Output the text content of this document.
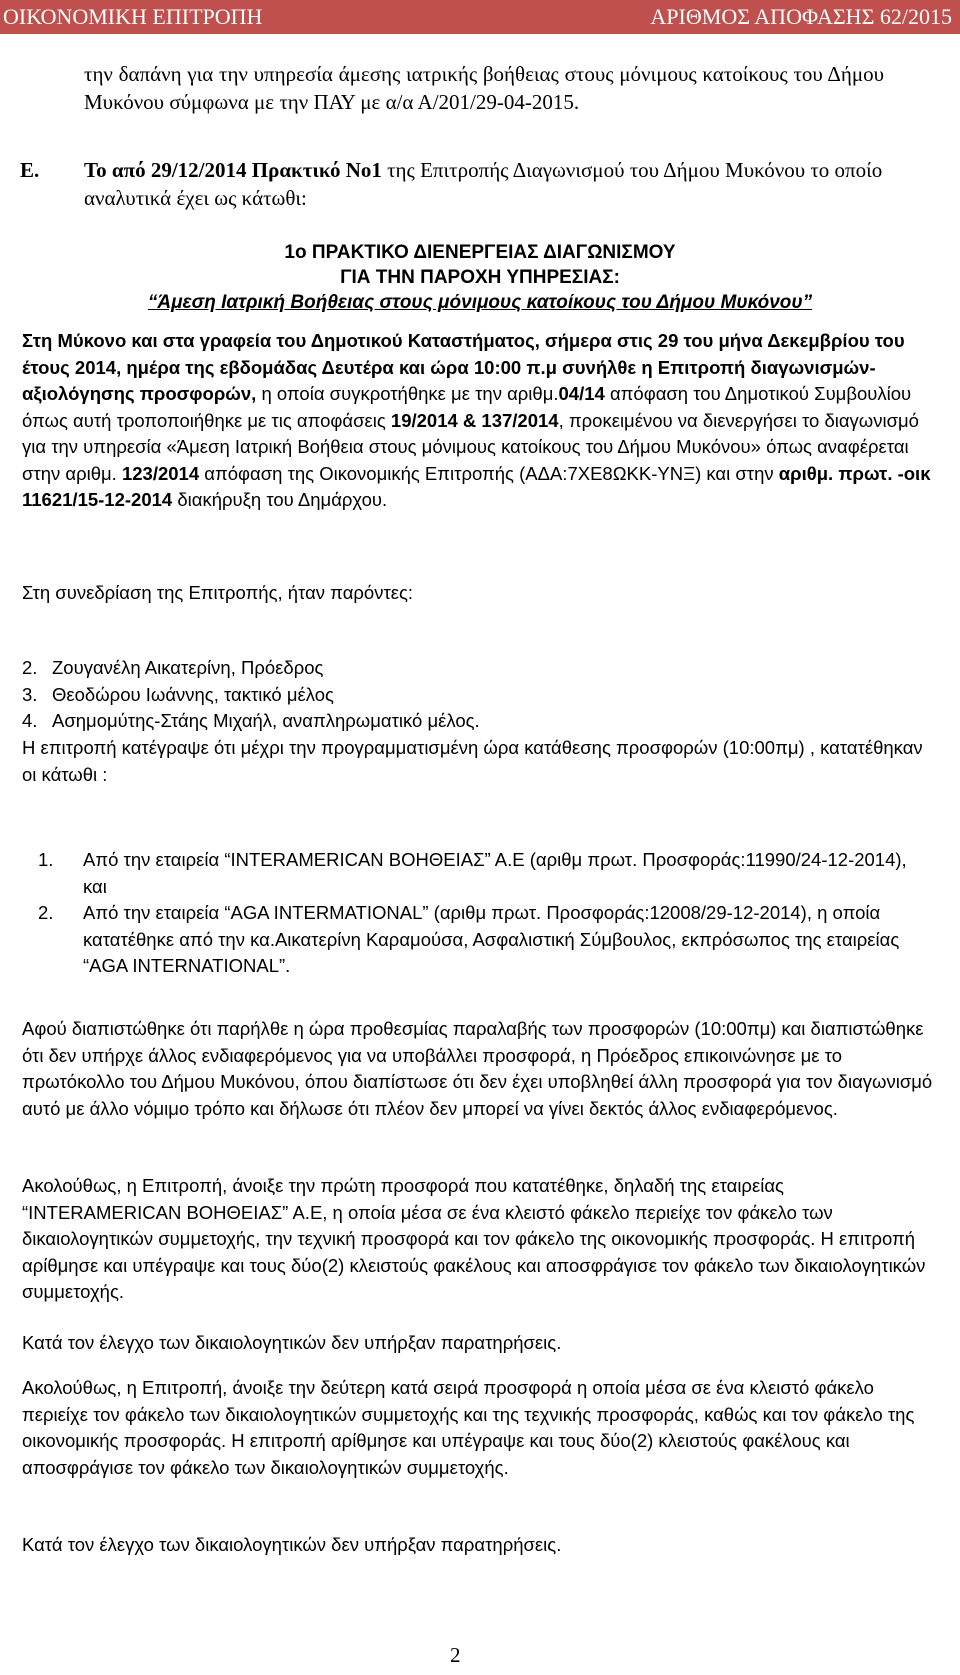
ΟΙΚΟΝΟΜΙΚΗ ΕΠΙΤΡΟΠΗ	ΑΡΙΘΜΟΣ ΑΠΟΦΑΣΗΣ 62/2015
την δαπάνη για την υπηρεσία άμεσης ιατρικής βοήθειας στους μόνιμους κατοίκους του Δήμου Μυκόνου σύμφωνα με την ΠΑΥ με α/α Α/201/29-04-2015.
Ε. Το από 29/12/2014 Πρακτικό Νο1 της Επιτροπής Διαγωνισμού του Δήμου Μυκόνου το οποίο αναλυτικά έχει ως κάτωθι:
1ο ΠΡΑΚΤΙΚΟ ΔΙΕΝΕΡΓΕΙΑΣ ΔΙΑΓΩΝΙΣΜΟΥ
ΓΙΑ ΤΗΝ ΠΑΡΟΧΗ ΥΠΗΡΕΣΙΑΣ:
“Άμεση Ιατρική Βοήθειας στους μόνιμους κατοίκους του Δήμου Μυκόνου”
Στη Μύκονο και στα γραφεία του Δημοτικού Καταστήματος, σήμερα στις 29 του μήνα Δεκεμβρίου του έτους 2014, ημέρα της εβδομάδας Δευτέρα και ώρα 10:00 π.μ συνήλθε η Επιτροπή διαγωνισμών-αξιολόγησης προσφορών, η οποία συγκροτήθηκε με την αριθμ.04/14 απόφαση του Δημοτικού Συμβουλίου όπως αυτή τροποποιήθηκε με τις αποφάσεις 19/2014 & 137/2014, προκειμένου να διενεργήσει το διαγωνισμό για την υπηρεσία «Άμεση Ιατρική Βοήθεια στους μόνιμους κατοίκους του Δήμου Μυκόνου» όπως αναφέρεται στην αριθμ. 123/2014 απόφαση της Οικονομικής Επιτροπής (ΑΔΑ:7ΧΕ8ΩΚΚ-ΥΝΞ) και στην αριθμ. πρωτ. -οικ 11621/15-12-2014 διακήρυξη του Δημάρχου.
Στη συνεδρίαση της Επιτροπής, ήταν παρόντες:
2. Ζουγανέλη Αικατερίνη, Πρόεδρος
3. Θεοδώρου Ιωάννης, τακτικό μέλος
4. Ασημομύτης-Στάης Μιχαήλ, αναπληρωματικό μέλος.
Η επιτροπή κατέγραψε ότι μέχρι την προγραμματισμένη ώρα κατάθεσης προσφορών (10:00πμ) , κατατέθηκαν οι κάτωθι :
1. Από την εταιρεία “INTERAMERICAN ΒΟΗΘΕΙΑΣ” Α.Ε (αριθμ πρωτ. Προσφοράς:11990/24-12-2014), και
2. Από την εταιρεία “AGA INTERMATIONAL” (αριθμ πρωτ. Προσφοράς:12008/29-12-2014), η οποία κατατέθηκε από την κα.Αικατερίνη Καραμούσα, Ασφαλιστική Σύμβουλος, εκπρόσωπος της εταιρείας “AGA INTERNATIONAL”.
Αφού διαπιστώθηκε ότι παρήλθε η ώρα προθεσμίας παραλαβής των προσφορών (10:00πμ) και διαπιστώθηκε ότι δεν υπήρχε άλλος ενδιαφερόμενος για να υποβάλλει προσφορά, η Πρόεδρος επικοινώνησε με το πρωτόκολλο του Δήμου Μυκόνου, όπου διαπίστωσε ότι δεν έχει υποβληθεί άλλη προσφορά για τον διαγωνισμό αυτό με άλλο νόμιμο τρόπο και δήλωσε ότι πλέον δεν μπορεί να γίνει δεκτός άλλος ενδιαφερόμενος.
Ακολούθως, η Επιτροπή, άνοιξε την πρώτη προσφορά που κατατέθηκε, δηλαδή της εταιρείας “INTERAMERICAN ΒΟΗΘΕΙΑΣ” Α.Ε, η οποία μέσα σε ένα κλειστό φάκελο περιείχε τον φάκελο των δικαιολογητικών συμμετοχής, την τεχνική προσφορά και τον φάκελο της οικονομικής προσφοράς. Η επιτροπή αρίθμησε και υπέγραψε και τους δύο(2) κλειστούς φακέλους και αποσφράγισε τον φάκελο των δικαιολογητικών συμμετοχής.
Κατά τον έλεγχο των δικαιολογητικών δεν υπήρξαν παρατηρήσεις.
Ακολούθως, η Επιτροπή, άνοιξε την δεύτερη κατά σειρά προσφορά η οποία μέσα σε ένα κλειστό φάκελο περιείχε τον φάκελο των δικαιολογητικών συμμετοχής και της τεχνικής προσφοράς, καθώς και τον φάκελο της οικονομικής προσφοράς. Η επιτροπή αρίθμησε και υπέγραψε και τους δύο(2) κλειστούς φακέλους και αποσφράγισε τον φάκελο των δικαιολογητικών συμμετοχής.
Κατά τον έλεγχο των δικαιολογητικών δεν υπήρξαν παρατηρήσεις.
2
